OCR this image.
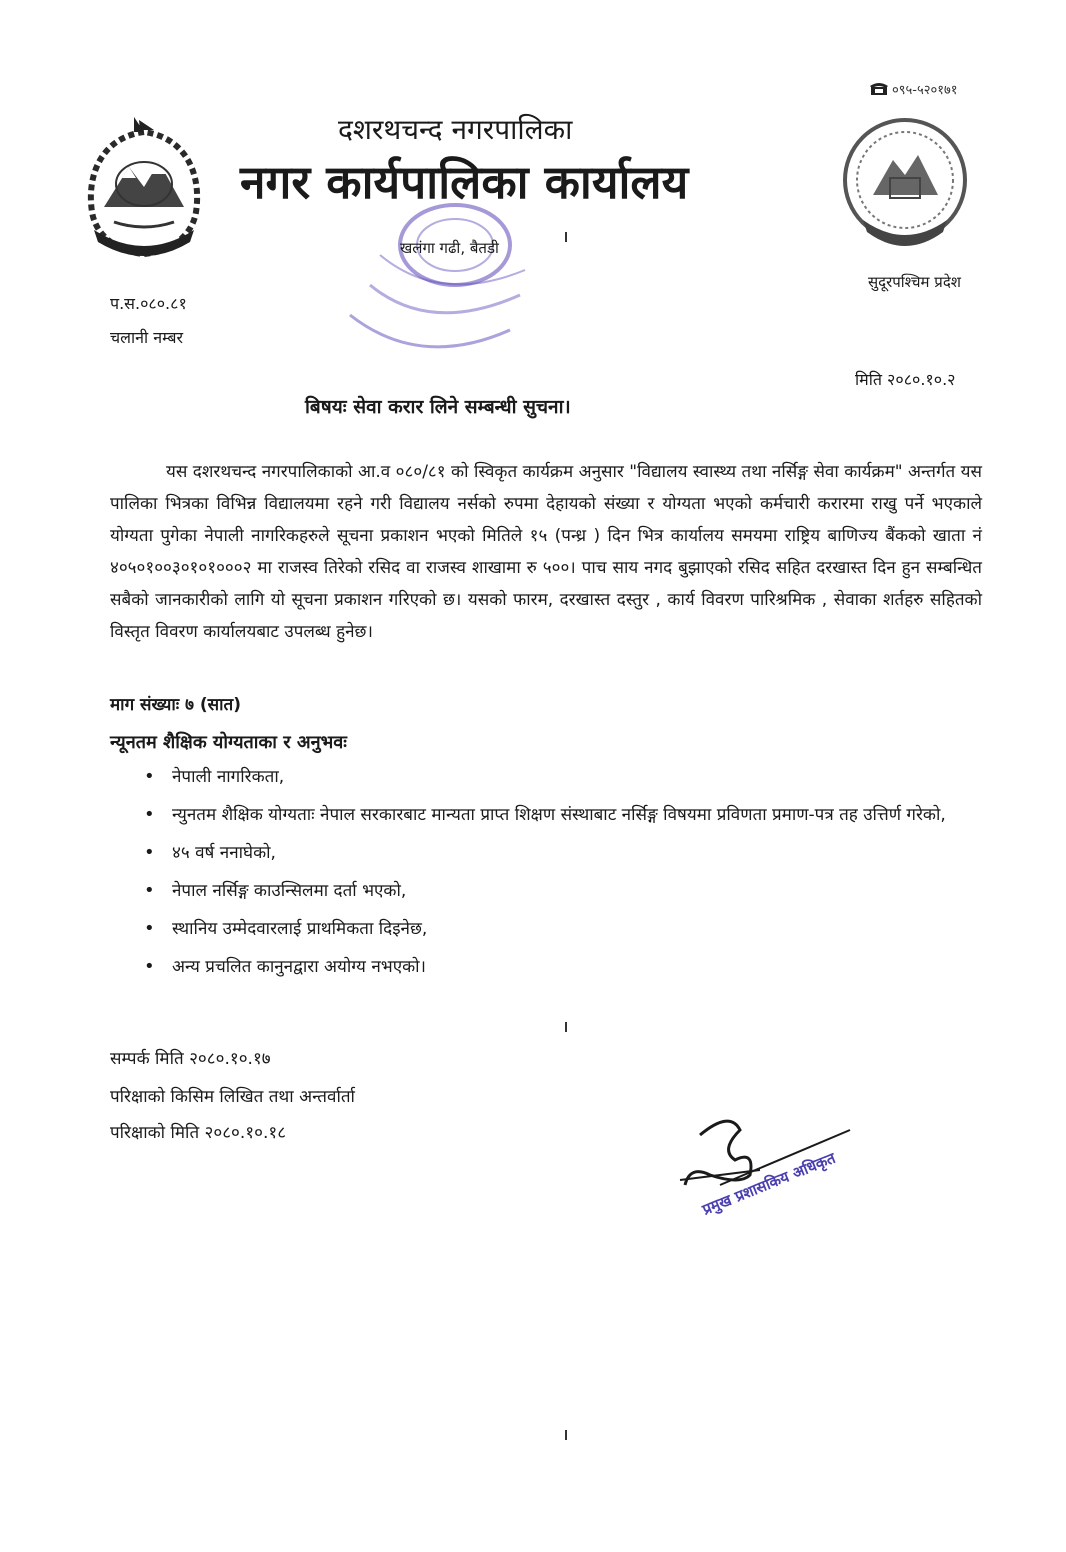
०९५-५२०१७१
दशरथचन्द नगरपालिका
नगर कार्यपालिका कार्यालय
खलंगा गढी, बैतडी
सुदूरपश्चिम प्रदेश
प.स.०८०.८१
चलानी नम्बर
मिति २०८०.१०.२
बिषयः सेवा करार लिने सम्बन्धी सुचना।
यस दशरथचन्द नगरपालिकाको आ.व ०८०/८१ को स्विकृत कार्यक्रम अनुसार "विद्यालय स्वास्थ्य तथा नर्सिङ्ग सेवा कार्यक्रम" अन्तर्गत यस पालिका भित्रका विभिन्न विद्यालयमा रहने गरी विद्यालय नर्सको रुपमा देहायको संख्या र योग्यता भएको कर्मचारी करारमा राखु पर्ने भएकाले योग्यता पुगेका नेपाली नागरिकहरुले सूचना प्रकाशन भएको मितिले १५ (पन्ध्र ) दिन भित्र कार्यालय समयमा राष्ट्रिय बाणिज्य बैंकको खाता नं ४०५०१००३०१०१०००२ मा राजस्व तिरेको रसिद वा राजस्व शाखामा रु ५००। पाच साय नगद बुझाएको रसिद सहित दरखास्त दिन हुन सम्बन्धित सबैको जानकारीको लागि यो सूचना प्रकाशन गरिएको छ। यसको फारम, दरखास्त दस्तुर , कार्य विवरण पारिश्रमिक , सेवाका शर्तहरु सहितको विस्तृत विवरण कार्यालयबाट उपलब्ध हुनेछ।
माग संख्याः ७ (सात)
न्यूनतम शैक्षिक योग्यताका र अनुभवः
• नेपाली नागरिकता,
• न्युनतम शैक्षिक योग्यताः नेपाल सरकारबाट मान्यता प्राप्त शिक्षण संस्थाबाट नर्सिङ्ग विषयमा प्रविणता प्रमाण-पत्र तह उत्तिर्ण गरेको,
• ४५ वर्ष ननाघेको,
• नेपाल नर्सिङ्ग काउन्सिलमा दर्ता भएको,
• स्थानिय उम्मेदवारलाई प्राथमिकता दिइनेछ,
• अन्य प्रचलित कानुनद्वारा अयोग्य नभएको।
सम्पर्क मिति २०८०.१०.१७
परिक्षाको किसिम लिखित तथा अन्तर्वार्ता
परिक्षाको मिति २०८०.१०.१८
प्रमुख प्रशासकिय अधिकृत
